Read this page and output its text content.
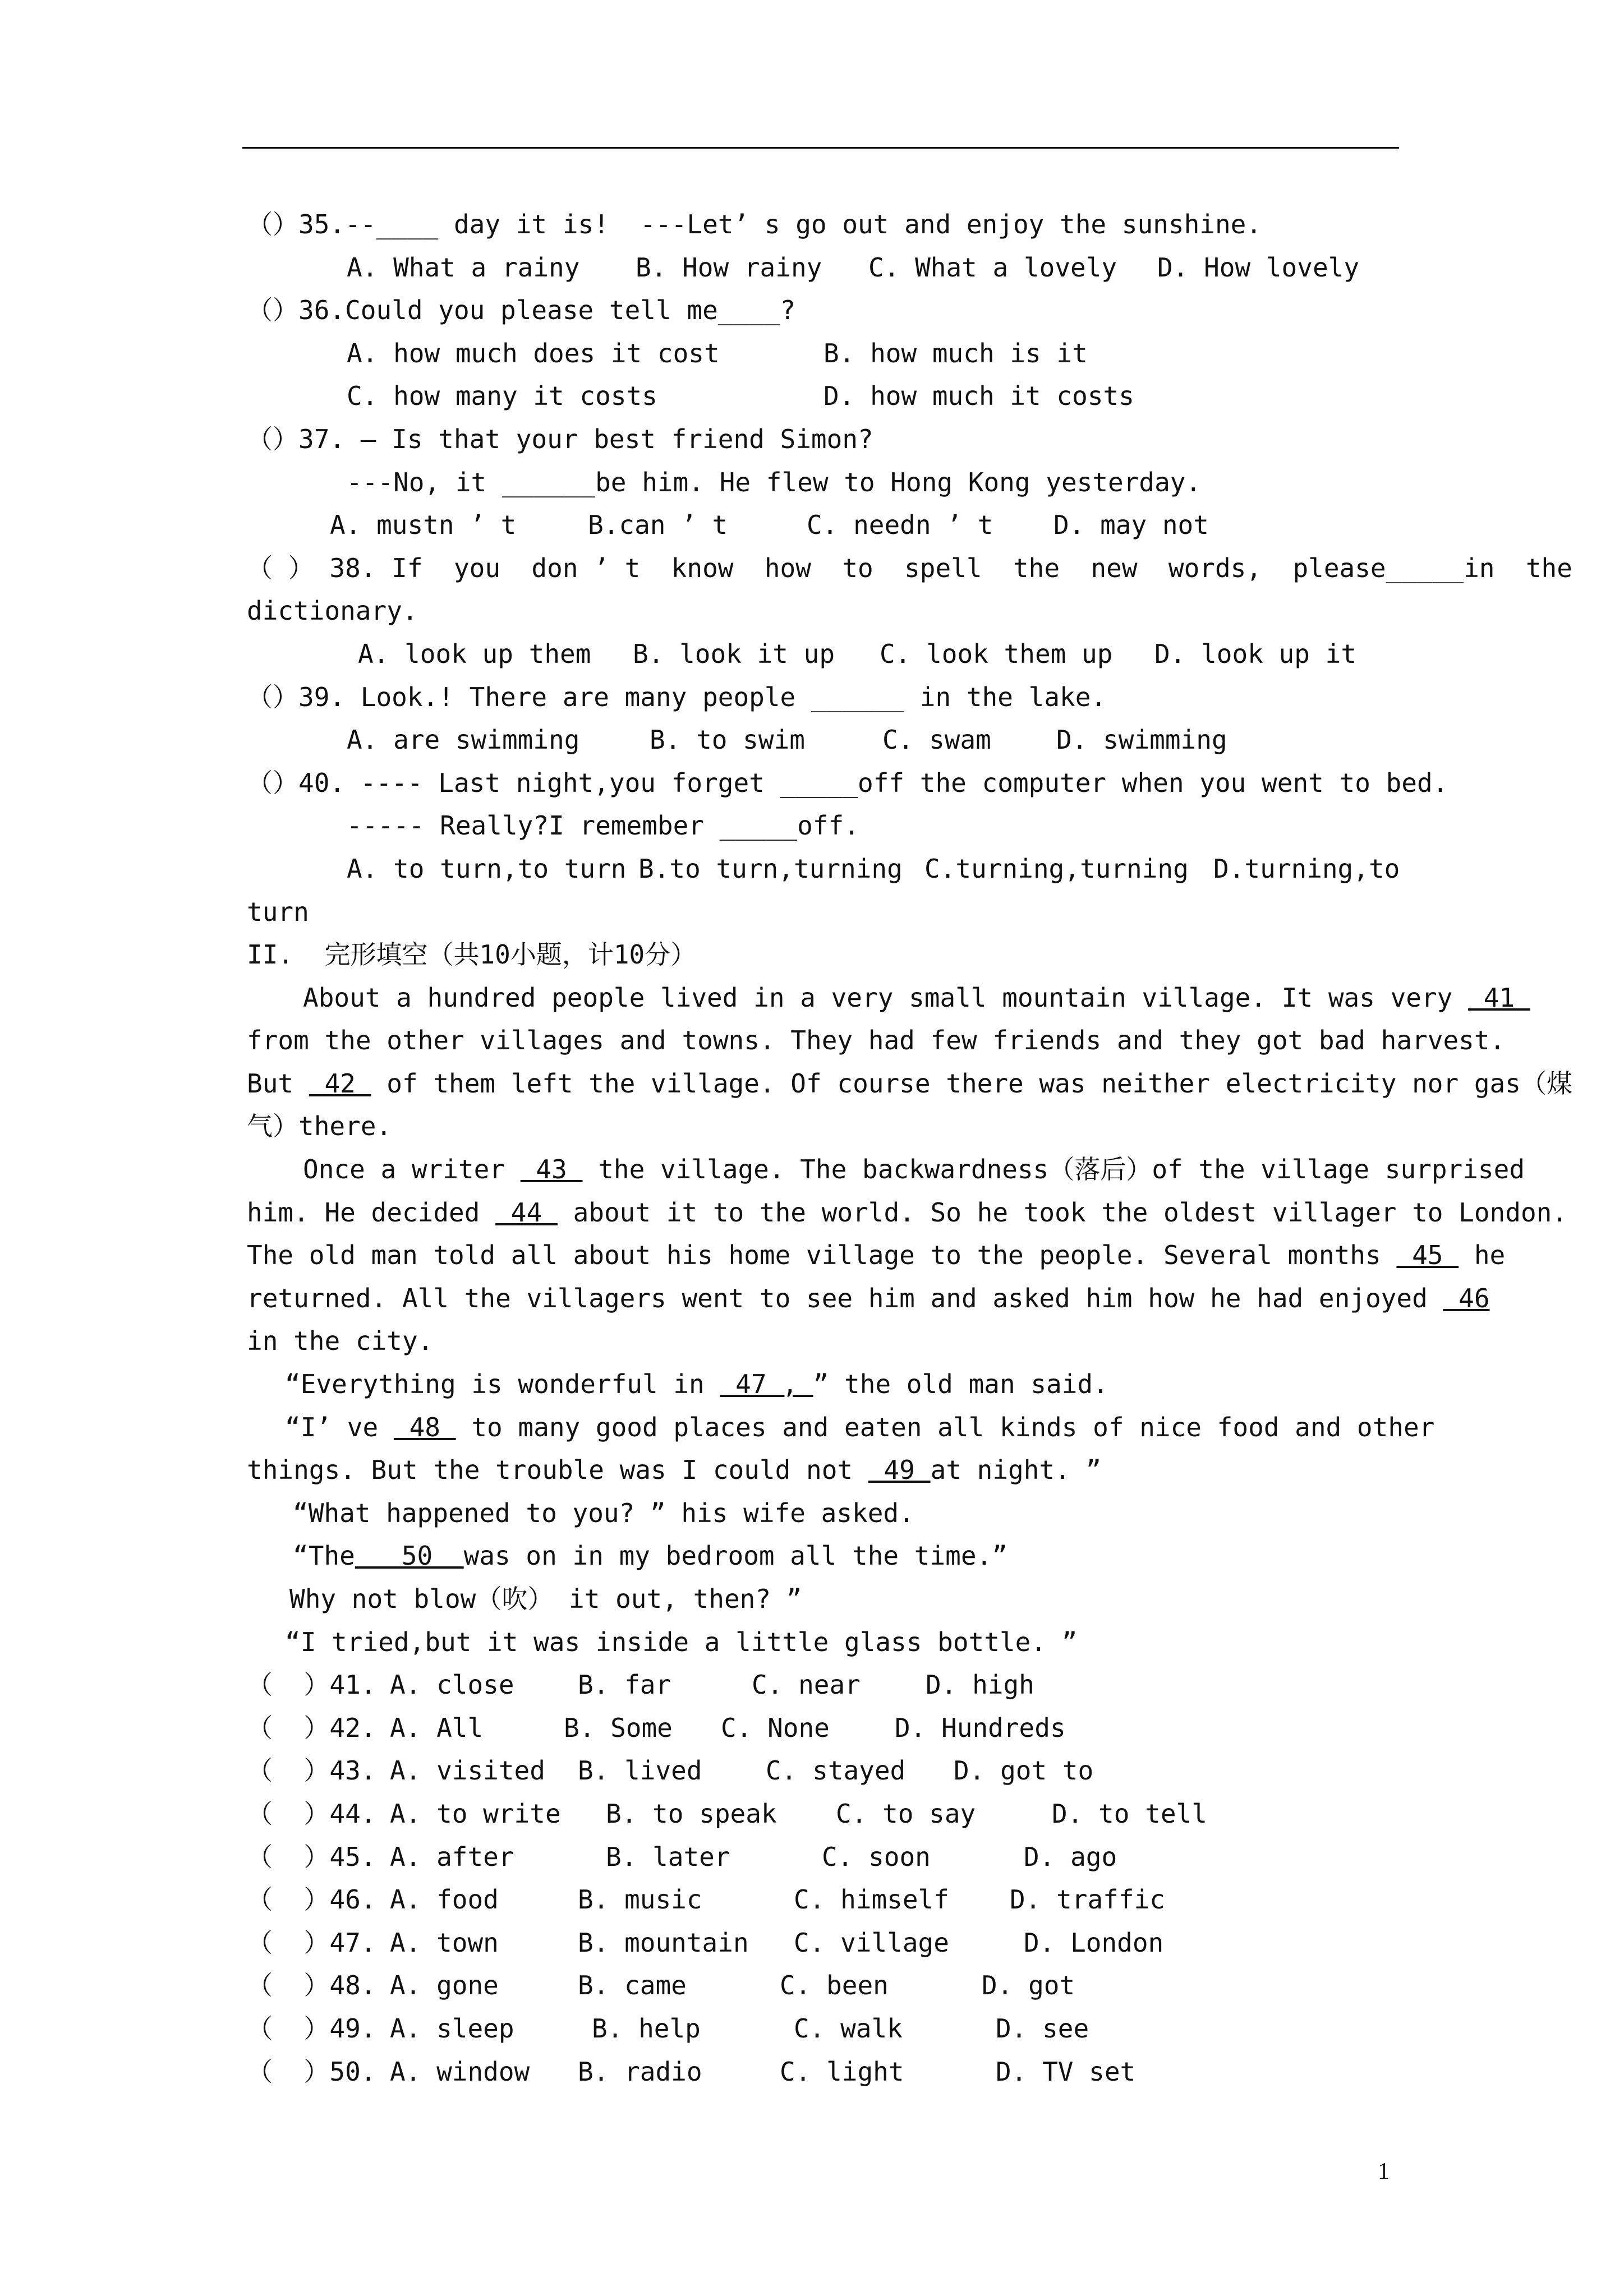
（）35. --____ day it is!  ---Let’ s go out and enjoy the sunshine.
A. What a rainy	B. How rainy	C. What a lovely	D. How lovely
（）36. Could you please tell me____?
A. how much does it cost	B. how much is it
C. how many it costs	D. how much it costs
（）37. — Is that your best friend Simon?
---No, it ______be him. He flew to Hong Kong yesterday.
A. mustn ’ t	B.can ’ t	C. needn ’ t	D. may not
（ ） 38. If  you  don ’ t  know  how  to  spell  the  new  words,  please_____in  the
dictionary.
A. look up them	B. look it up	C. look them up	D. look up it
（）39. Look.! There are many people ______ in the lake.
A. are swimming	B. to swim	C. swam	D. swimming
（）40. ---- Last night,you forget _____off the computer when you went to bed.
----- Really?I remember _____off.
A. to turn,to turn B.to turn,turning C.turning,turning D.turning,to
turn
II.  完形填空（共10小题，计10分）
About a hundred people lived in a very small mountain village. It was very 41
from the other villages and towns. They had few friends and they got bad harvest.
But 42 of them left the village. Of course there was neither electricity nor gas（煤
气）there.
Once a writer 43 the village. The backwardness（落后）of the village surprised
him. He decided 44 about it to the world. So he took the oldest villager to London.
The old man told all about his home village to the people. Several months 45 he
returned. All the villagers went to see him and asked him how he had enjoyed 46
in the city.
“Everything is wonderful in 47 , ” the old man said.
“I’ ve 48 to many good places and eaten all kinds of nice food and other
things. But the trouble was I could not 49 at night. ”
“What happened to you? ” his wife asked.
“The 50 was on in my bedroom all the time.”
Why not blow（吹） it out, then? ”
“I tried,but it was inside a little glass bottle. ”
（  ）41. A. close	B. far	C. near	D. high
（  ）42. A. All	B. Some	C. None	D. Hundreds
（  ）43. A. visited	B. lived	C. stayed	D. got to
（  ）44. A. to write	B. to speak	C. to say	D. to tell
（  ）45. A. after	B. later	C. soon	D. ago
（  ）46. A. food	B. music	C. himself	D. traffic
（  ）47. A. town	B. mountain	C. village	D. London
（  ）48. A. gone	B. came	C. been	D. got
（  ）49. A. sleep	B. help	C. walk	D. see
（  ）50. A. window	B. radio	C. light	D. TV set
1
